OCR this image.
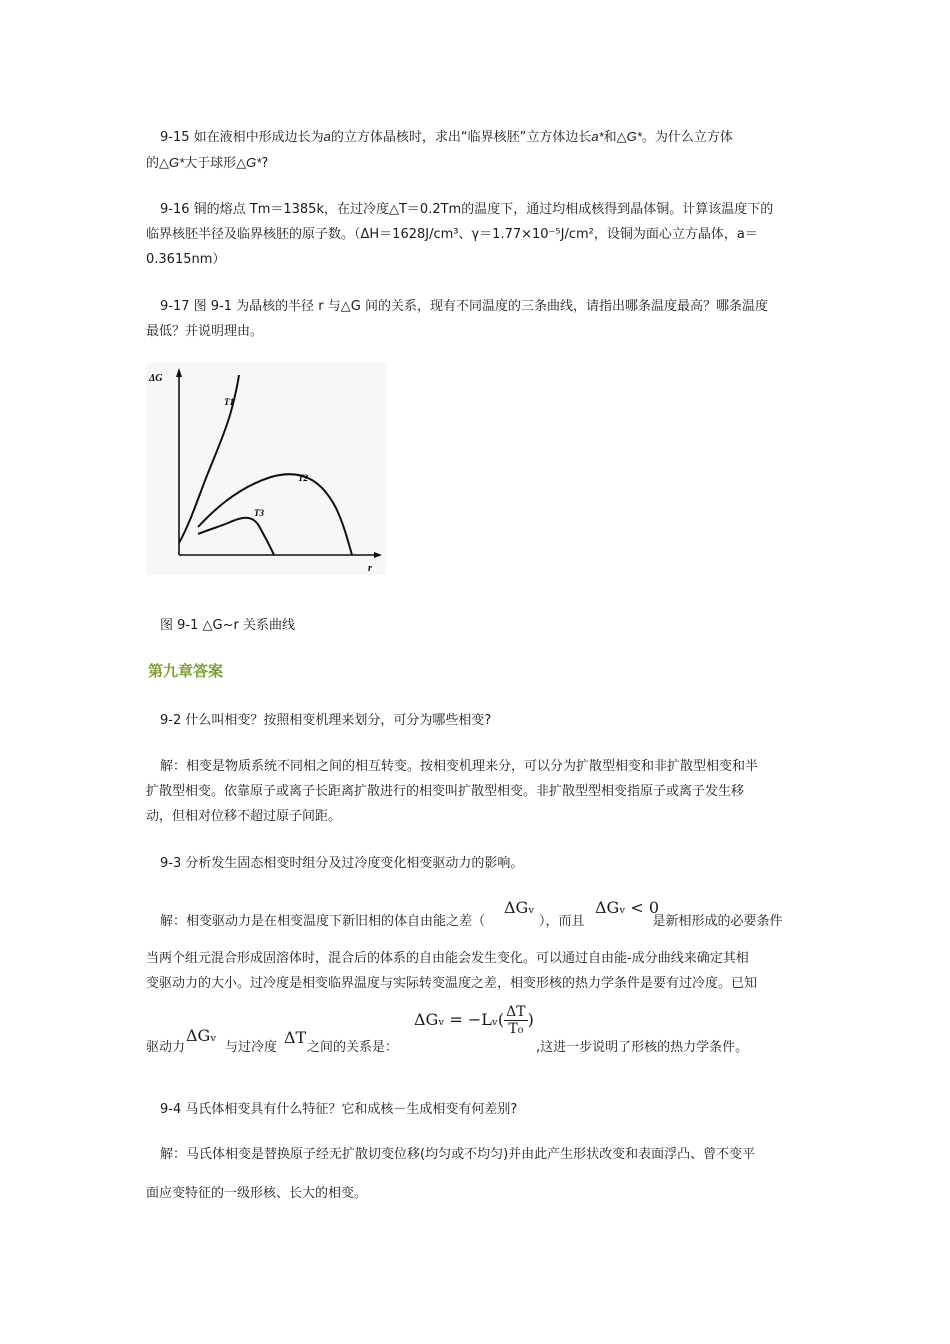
9-15 如在液相中形成边长为a的立方体晶核时，求出“临界核胚”立方体边长a*和△G*。为什么立方体
的△G*大于球形△G*?
9-16 铜的熔点 Tm＝1385k，在过冷度△T＝0.2Tm的温度下，通过均相成核得到晶体铜。计算该温度下的
临界核胚半径及临界核胚的原子数。（ΔH＝1628J/cm³、γ＝1.77×10⁻⁵J/cm²，设铜为面心立方晶体，a＝
0.3615nm）
9-17 图 9-1 为晶核的半径 r 与△G 间的关系，现有不同温度的三条曲线，请指出哪条温度最高？哪条温度
最低？并说明理由。
ΔG
r
T1
T2
T3
图 9-1 △G~r 关系曲线
第九章答案
9-2 什么叫相变？按照相变机理来划分，可分为哪些相变?
解：相变是物质系统不同相之间的相互转变。按相变机理来分，可以分为扩散型相变和非扩散型相变和半
扩散型相变。依靠原子或离子长距离扩散进行的相变叫扩散型相变。非扩散型型相变指原子或离子发生移
动，但相对位移不超过原子间距。
9-3 分析发生固态相变时组分及过冷度变化相变驱动力的影响。
解：相变驱动力是在相变温度下新旧相的体自由能之差（	），而且	是新相形成的必要条件
ΔGᵥ	ΔGᵥ < 0
当两个组元混合形成固溶体时，混合后的体系的自由能会发生变化。可以通过自由能-成分曲线来确定其相
变驱动力的大小。过冷度是相变临界温度与实际转变温度之差，相变形核的热力学条件是要有过冷度。已知
驱动力	与过冷度 之间的关系是：	,这进一步说明了形核的热力学条件。
ΔGᵥ	ΔT
ΔGᵥ = −Lᵥ( $\frac{\Delta T}{\text{T₀}}$ )
9-4 马氏体相变具有什么特征？它和成核－生成相变有何差别?
解：马氏体相变是替换原子经无扩散切变位移(均匀或不均匀)并由此产生形状改变和表面浮凸、曾不变平
面应变特征的一级形核、长大的相变。
